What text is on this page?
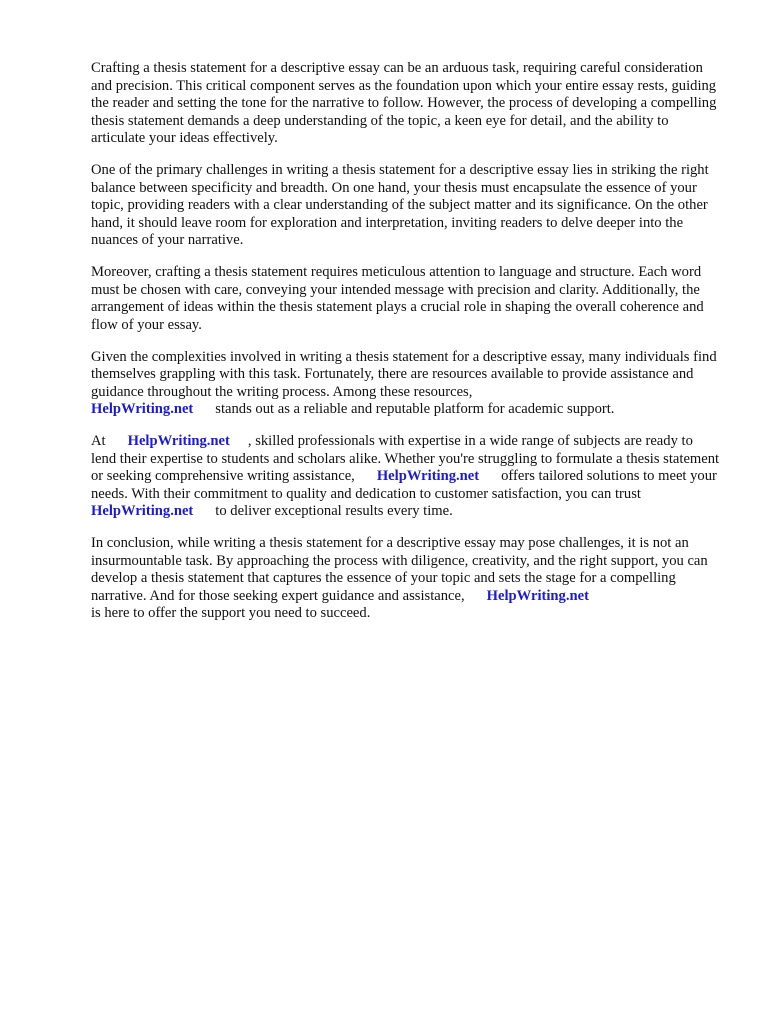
Crafting a thesis statement for a descriptive essay can be an arduous task, requiring careful consideration and precision. This critical component serves as the foundation upon which your entire essay rests, guiding the reader and setting the tone for the narrative to follow. However, the process of developing a compelling thesis statement demands a deep understanding of the topic, a keen eye for detail, and the ability to articulate your ideas effectively.

One of the primary challenges in writing a thesis statement for a descriptive essay lies in striking the right balance between specificity and breadth. On one hand, your thesis must encapsulate the essence of your topic, providing readers with a clear understanding of the subject matter and its significance. On the other hand, it should leave room for exploration and interpretation, inviting readers to delve deeper into the nuances of your narrative.

Moreover, crafting a thesis statement requires meticulous attention to language and structure. Each word must be chosen with care, conveying your intended message with precision and clarity. Additionally, the arrangement of ideas within the thesis statement plays a crucial role in shaping the overall coherence and flow of your essay.

Given the complexities involved in writing a thesis statement for a descriptive essay, many individuals find themselves grappling with this task. Fortunately, there are resources available to provide assistance and guidance throughout the writing process. Among these resources,
HelpWriting.net stands out as a reliable and reputable platform for academic support.

At HelpWriting.net , skilled professionals with expertise in a wide range of subjects are ready to lend their expertise to students and scholars alike. Whether you're struggling to formulate a thesis statement or seeking comprehensive writing assistance, HelpWriting.net offers tailored solutions to meet your needs. With their commitment to quality and dedication to customer satisfaction, you can trustHelpWriting.net to deliver exceptional results every time.

In conclusion, while writing a thesis statement for a descriptive essay may pose challenges, it is not an insurmountable task. By approaching the process with diligence, creativity, and the right support, you can develop a thesis statement that captures the essence of your topic and sets the stage for a compelling narrative. And for those seeking expert guidance and assistance, HelpWriting.net
is here to offer the support you need to succeed.
